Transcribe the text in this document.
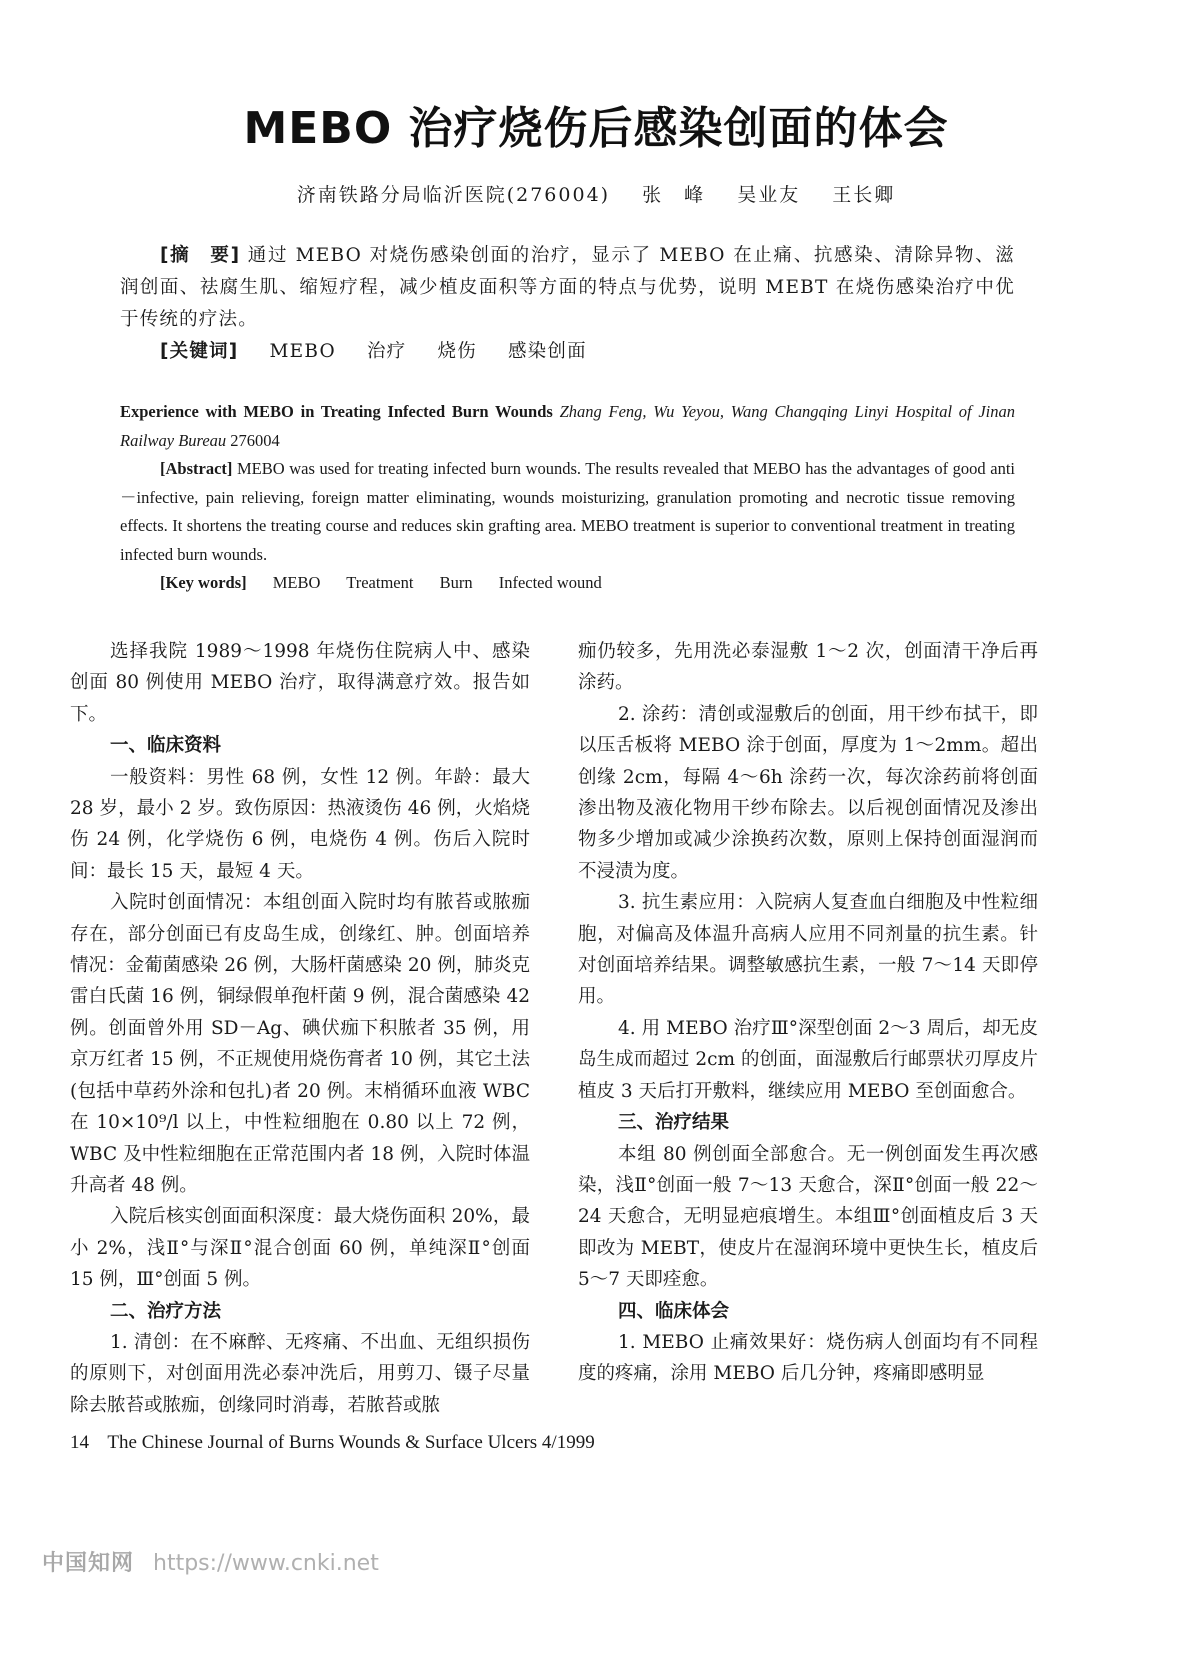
MEBO 治疗烧伤后感染创面的体会
济南铁路分局临沂医院(276004) 张　峰 吴业友 王长卿

[摘　要] 通过 MEBO 对烧伤感染创面的治疗，显示了 MEBO 在止痛、抗感染、清除异物、滋润创面、祛腐生肌、缩短疗程，减少植皮面积等方面的特点与优势，说明 MEBT 在烧伤感染治疗中优于传统的疗法。

[关键词] MEBO 治疗 烧伤 感染创面

Experience with MEBO in Treating Infected Burn Wounds Zhang Feng, Wu Yeyou, Wang Changqing Linyi Hospital of Jinan Railway Bureau 276004

[Abstract] MEBO was used for treating infected burn wounds. The results revealed that MEBO has the advantages of good anti－infective, pain relieving, foreign matter eliminating, wounds moisturizing, granulation promoting and necrotic tissue removing effects. It shortens the treating course and reduces skin grafting area. MEBO treatment is superior to conventional treatment in treating infected burn wounds.

[Key words] MEBO Treatment Burn Infected wound

选择我院 1989～1998 年烧伤住院病人中、感染创面 80 例使用 MEBO 治疗，取得满意疗效。报告如下。

一、临床资料

一般资料：男性 68 例，女性 12 例。年龄：最大 28 岁，最小 2 岁。致伤原因：热液烫伤 46 例，火焰烧伤 24 例，化学烧伤 6 例，电烧伤 4 例。伤后入院时间：最长 15 天，最短 4 天。

入院时创面情况：本组创面入院时均有脓苔或脓痂存在，部分创面已有皮岛生成，创缘红、肿。创面培养情况：金葡菌感染 26 例，大肠杆菌感染 20 例，肺炎克雷白氏菌 16 例，铜绿假单孢杆菌 9 例，混合菌感染 42 例。创面曾外用 SD－Ag、碘伏痂下积脓者 35 例，用京万红者 15 例，不正规使用烧伤膏者 10 例，其它土法(包括中草药外涂和包扎)者 20 例。末梢循环血液 WBC 在 10×10⁹/l 以上，中性粒细胞在 0.80 以上 72 例，WBC 及中性粒细胞在正常范围内者 18 例，入院时体温升高者 48 例。

入院后核实创面面积深度：最大烧伤面积 20%，最小 2%，浅Ⅱ°与深Ⅱ°混合创面 60 例，单纯深Ⅱ°创面 15 例，Ⅲ°创面 5 例。

二、治疗方法

1. 清创：在不麻醉、无疼痛、不出血、无组织损伤的原则下，对创面用洗必泰冲洗后，用剪刀、镊子尽量除去脓苔或脓痂，创缘同时消毒，若脓苔或脓

痂仍较多，先用洗必泰湿敷 1～2 次，创面清干净后再涂药。

2. 涂药：清创或湿敷后的创面，用干纱布拭干，即以压舌板将 MEBO 涂于创面，厚度为 1～2mm。超出创缘 2cm，每隔 4～6h 涂药一次，每次涂药前将创面渗出物及液化物用干纱布除去。以后视创面情况及渗出物多少增加或减少涂换药次数，原则上保持创面湿润而不浸渍为度。

3. 抗生素应用：入院病人复查血白细胞及中性粒细胞，对偏高及体温升高病人应用不同剂量的抗生素。针对创面培养结果。调整敏感抗生素，一般 7～14 天即停用。

4. 用 MEBO 治疗Ⅲ°深型创面 2～3 周后，却无皮岛生成而超过 2cm 的创面，面湿敷后行邮票状刃厚皮片植皮 3 天后打开敷料，继续应用 MEBO 至创面愈合。

三、治疗结果

本组 80 例创面全部愈合。无一例创面发生再次感染，浅Ⅱ°创面一般 7～13 天愈合，深Ⅱ°创面一般 22～24 天愈合，无明显疤痕增生。本组Ⅲ°创面植皮后 3 天即改为 MEBT，使皮片在湿润环境中更快生长，植皮后 5～7 天即痊愈。

四、临床体会

1. MEBO 止痛效果好：烧伤病人创面均有不同程度的疼痛，涂用 MEBO 后几分钟，疼痛即感明显

14 The Chinese Journal of Burns Wounds & Surface Ulcers 4/1999
中国知网 https://www.cnki.net
